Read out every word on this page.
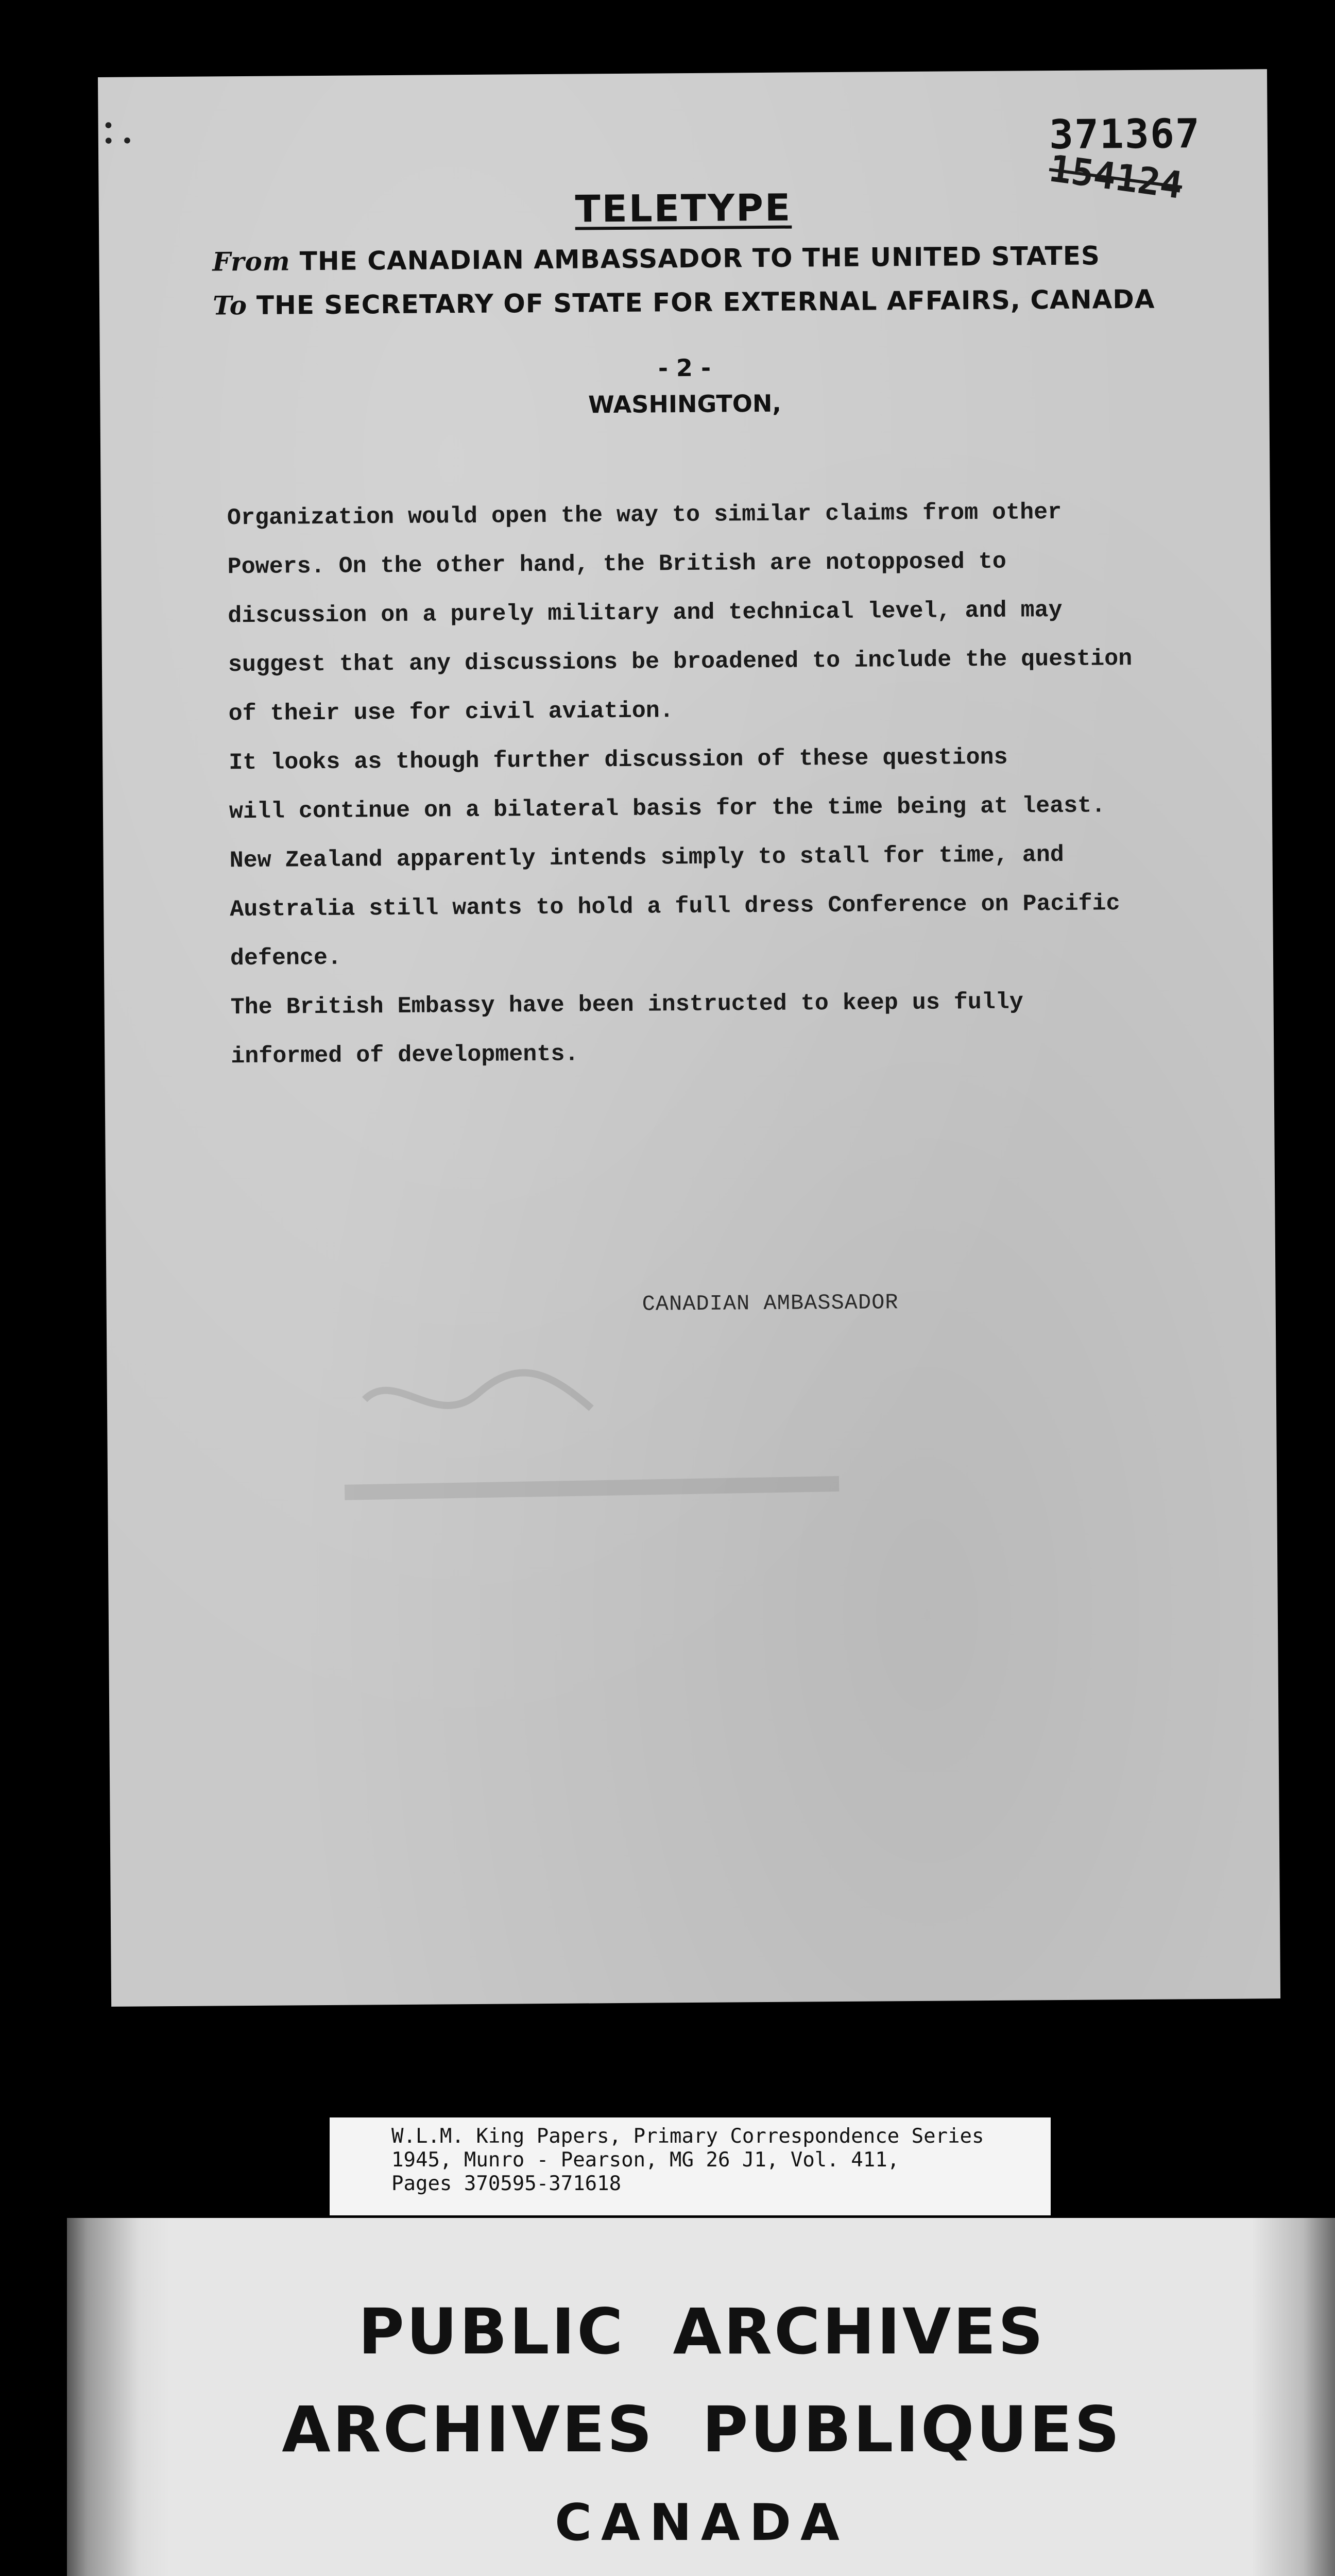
•
• •	371367
154124
TELETYPE
From THE CANADIAN AMBASSADOR TO THE UNITED STATES
To THE SECRETARY OF STATE FOR EXTERNAL AFFAIRS, CANADA
- 2 -
WASHINGTON,

Organization would open the way to similar claims from other
Powers. On the other hand, the British are notopposed to
discussion on a purely military and technical level, and may
suggest that any discussions be broadened to include the question
of their use for civil aviation.

It looks as though further discussion of these questions
will continue on a bilateral basis for the time being at least.
New Zealand apparently intends simply to stall for time, and
Australia still wants to hold a full dress Conference on Pacific
defence.

The British Embassy have been instructed to keep us fully
informed of developments.

CANADIAN AMBASSADOR
W.L.M. King Papers, Primary Correspondence Series
1945, Munro - Pearson, MG 26 J1, Vol. 411,
Pages 370595-371618
PUBLIC  ARCHIVES
ARCHIVES  PUBLIQUES
CANADA
